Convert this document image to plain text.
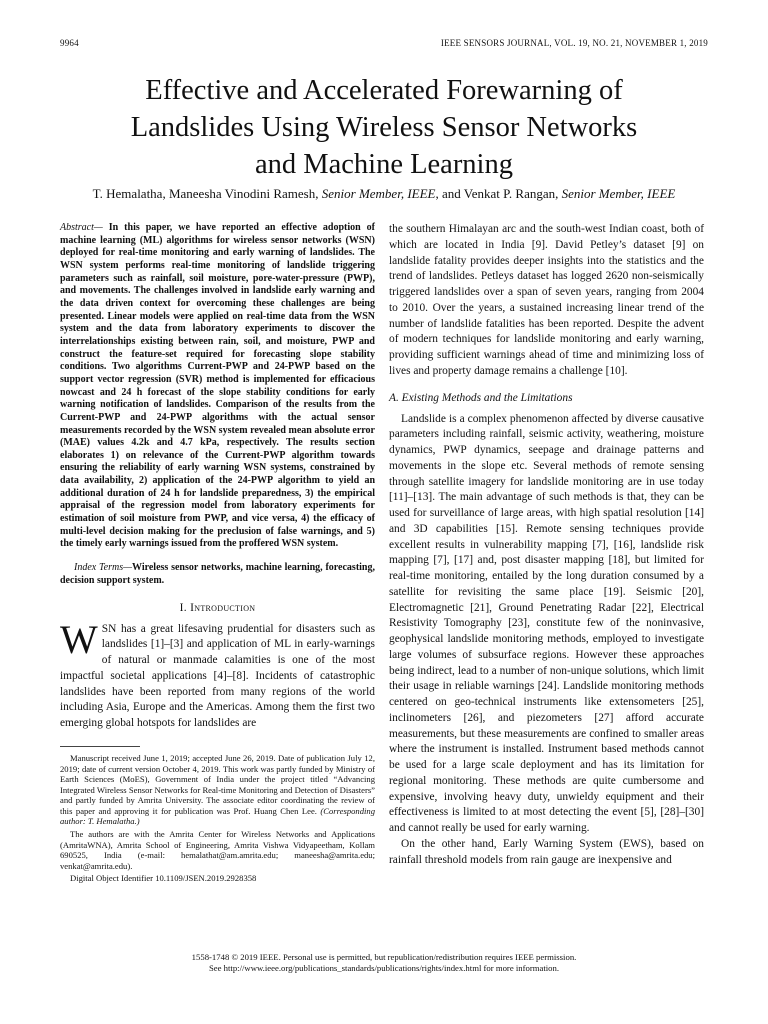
9964	IEEE SENSORS JOURNAL, VOL. 19, NO. 21, NOVEMBER 1, 2019
Effective and Accelerated Forewarning of
Landslides Using Wireless Sensor Networks
and Machine Learning
T. Hemalatha, Maneesha Vinodini Ramesh, Senior Member, IEEE, and Venkat P. Rangan, Senior Member, IEEE

Abstract— In this paper, we have reported an effective adoption of machine learning (ML) algorithms for wireless sensor networks (WSN) deployed for real-time monitoring and early warning of landslides. The WSN system performs real-time monitoring of landslide triggering parameters such as rainfall, soil moisture, pore-water-pressure (PWP), and movements. The challenges involved in landslide early warning and the data driven context for overcoming these challenges are being presented. Linear models were applied on real-time data from the WSN system and the data from laboratory experiments to discover the interrelationships existing between rain, soil, and moisture, PWP and construct the feature-set required for forecasting slope stability conditions. Two algorithms Current-PWP and 24-PWP based on the support vector regression (SVR) method is implemented for efficacious nowcast and 24 h forecast of the slope stability conditions for early warning notification of landslides. Comparison of the results from the Current-PWP and 24-PWP algorithms with the actual sensor measurements recorded by the WSN system revealed mean absolute error (MAE) values 4.2k and 4.7 kPa, respectively. The results section elaborates 1) on relevance of the Current-PWP algorithm towards ensuring the reliability of early warning WSN systems, constrained by data availability, 2) application of the 24-PWP algorithm to yield an additional duration of 24 h for landslide preparedness, 3) the empirical appraisal of the regression model from laboratory experiments for estimation of soil moisture from PWP, and vice versa, 4) the efficacy of multi-level decision making for the preclusion of false warnings, and 5) the timely early warnings issued from the proffered WSN system.

Index Terms—Wireless sensor networks, machine learning, forecasting, decision support system.

I. Introduction

WSN has a great lifesaving prudential for disasters such as landslides [1]–[3] and application of ML in early-warnings of natural or manmade calamities is one of the most impactful societal applications [4]–[8]. Incidents of catastrophic landslides have been reported from many regions of the world including Asia, Europe and the Americas. Among them the first two emerging global hotspots for landslides are

Manuscript received June 1, 2019; accepted June 26, 2019. Date of publication July 12, 2019; date of current version October 4, 2019. This work was partly funded by Ministry of Earth Sciences (MoES), Government of India under the project titled “Advancing Integrated Wireless Sensor Networks for Real-time Monitoring and Detection of Disasters” and partly funded by Amrita University. The associate editor coordinating the review of this paper and approving it for publication was Prof. Huang Chen Lee. (Corresponding author: T. Hemalatha.)

The authors are with the Amrita Center for Wireless Networks and Applications (AmritaWNA), Amrita School of Engineering, Amrita Vishwa Vidyapeetham, Kollam 690525, India (e-mail: hemalathat@am.amrita.edu; maneesha@amrita.edu; venkat@amrita.edu).

Digital Object Identifier 10.1109/JSEN.2019.2928358

the southern Himalayan arc and the south-west Indian coast, both of which are located in India [9]. David Petley’s dataset [9] on landslide fatality provides deeper insights into the statistics and the trend of landslides. Petleys dataset has logged 2620 non-seismically triggered landslides over a span of seven years, ranging from 2004 to 2010. Over the years, a sustained increasing linear trend of the number of landslide fatalities has been reported. Despite the advent of modern techniques for landslide monitoring and early warning, providing sufficient warnings ahead of time and minimizing loss of lives and property damage remains a challenge [10].

A. Existing Methods and the Limitations

Landslide is a complex phenomenon affected by diverse causative parameters including rainfall, seismic activity, weathering, moisture dynamics, PWP dynamics, seepage and drainage patterns and movements in the slope etc. Several methods of remote sensing through satellite imagery for landslide monitoring are in use today [11]–[13]. The main advantage of such methods is that, they can be used for surveillance of large areas, with high spatial resolution [14] and 3D capabilities [15]. Remote sensing techniques provide excellent results in vulnerability mapping [7], [16], landslide risk mapping [7], [17] and, post disaster mapping [18], but limited for real-time monitoring, entailed by the long duration consumed by a satellite for revisiting the same place [19]. Seismic [20], Electromagnetic [21], Ground Penetrating Radar [22], Electrical Resistivity Tomography [23], constitute few of the noninvasive, geophysical landslide monitoring methods, employed to investigate large volumes of subsurface regions. However these approaches being indirect, lead to a number of non-unique solutions, which limit their usage in reliable warnings [24]. Landslide monitoring methods centered on geo-technical instruments like extensometers [25], inclinometers [26], and piezometers [27] afford accurate measurements, but these measurements are confined to smaller areas where the instrument is installed. Instrument based methods cannot be used for a large scale deployment and has its limitation for regional monitoring. These methods are quite cumbersome and expensive, involving heavy duty, unwieldy equipment and their effectiveness is limited to at most detecting the event [5], [28]–[30] and cannot really be used for early warning.

On the other hand, Early Warning System (EWS), based on rainfall threshold models from rain gauge are inexpensive and

1558-1748 © 2019 IEEE. Personal use is permitted, but republication/redistribution requires IEEE permission.
See http://www.ieee.org/publications_standards/publications/rights/index.html for more information.
